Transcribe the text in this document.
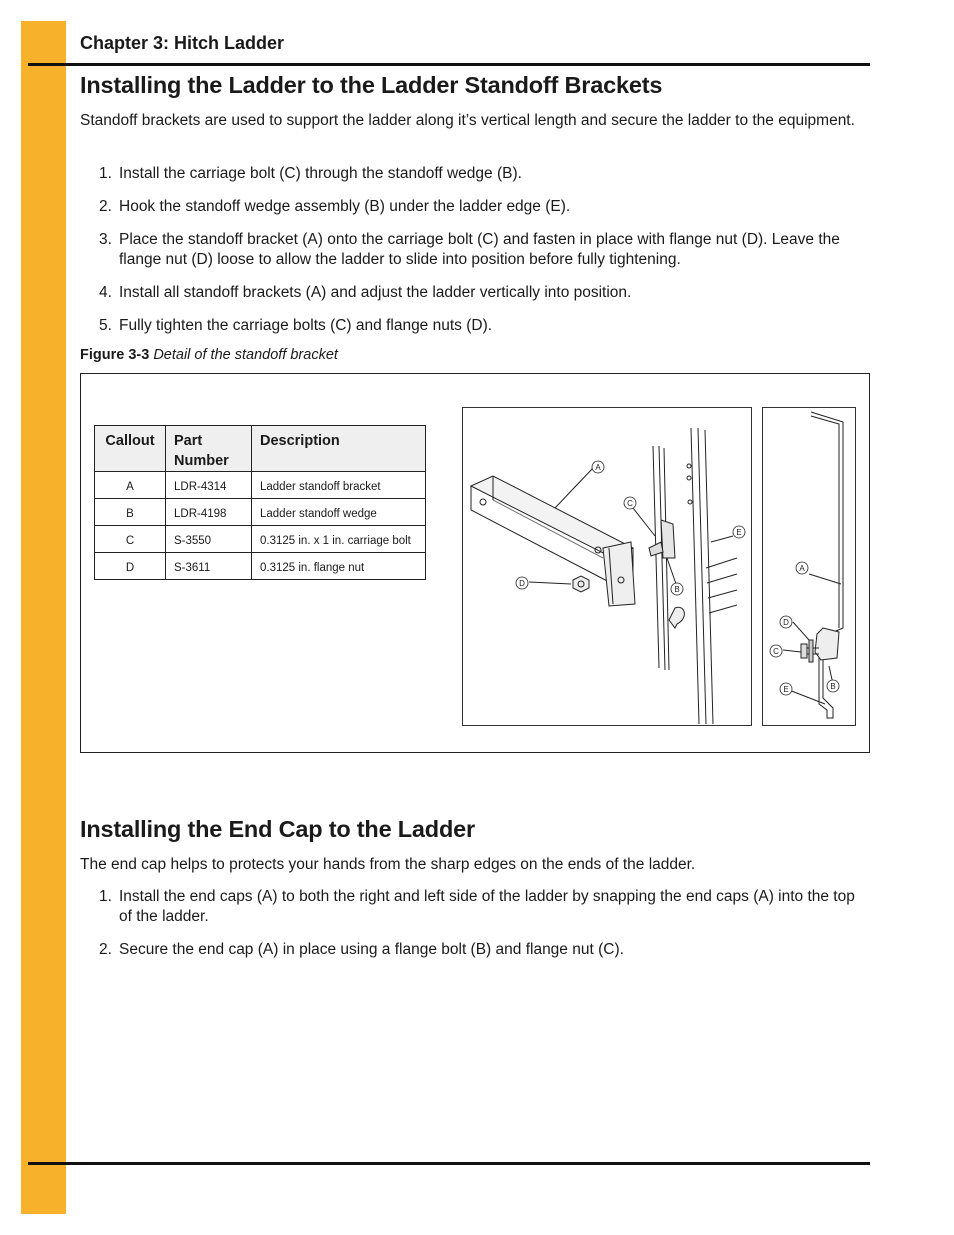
Chapter 3: Hitch Ladder
Installing the Ladder to the Ladder Standoff Brackets

Standoff brackets are used to support the ladder along it’s vertical length and secure the ladder to the equipment.

1. Install the carriage bolt (C) through the standoff wedge (B).
2. Hook the standoff wedge assembly (B) under the ladder edge (E).
3. Place the standoff bracket (A) onto the carriage bolt (C) and fasten in place with flange nut (D). Leave the flange nut (D) loose to allow the ladder to slide into position before fully tightening.
4. Install all standoff brackets (A) and adjust the ladder vertically into position.
5. Fully tighten the carriage bolts (C) and flange nuts (D).
Figure 3-3 Detail of the standoff bracket
Callout	Part Number	Description
A	LDR-4314	Ladder standoff bracket
B	LDR-4198	Ladder standoff wedge
C	S-3550	0.3125 in. x 1 in. carriage bolt
D	S-3611	0.3125 in. flange nut
A
C
E
B
D
A
D
C
E	B
Installing the End Cap to the Ladder

The end cap helps to protects your hands from the sharp edges on the ends of the ladder.

1. Install the end caps (A) to both the right and left side of the ladder by snapping the end caps (A) into the top of the ladder.
2. Secure the end cap (A) in place using a flange bolt (B) and flange nut (C).
